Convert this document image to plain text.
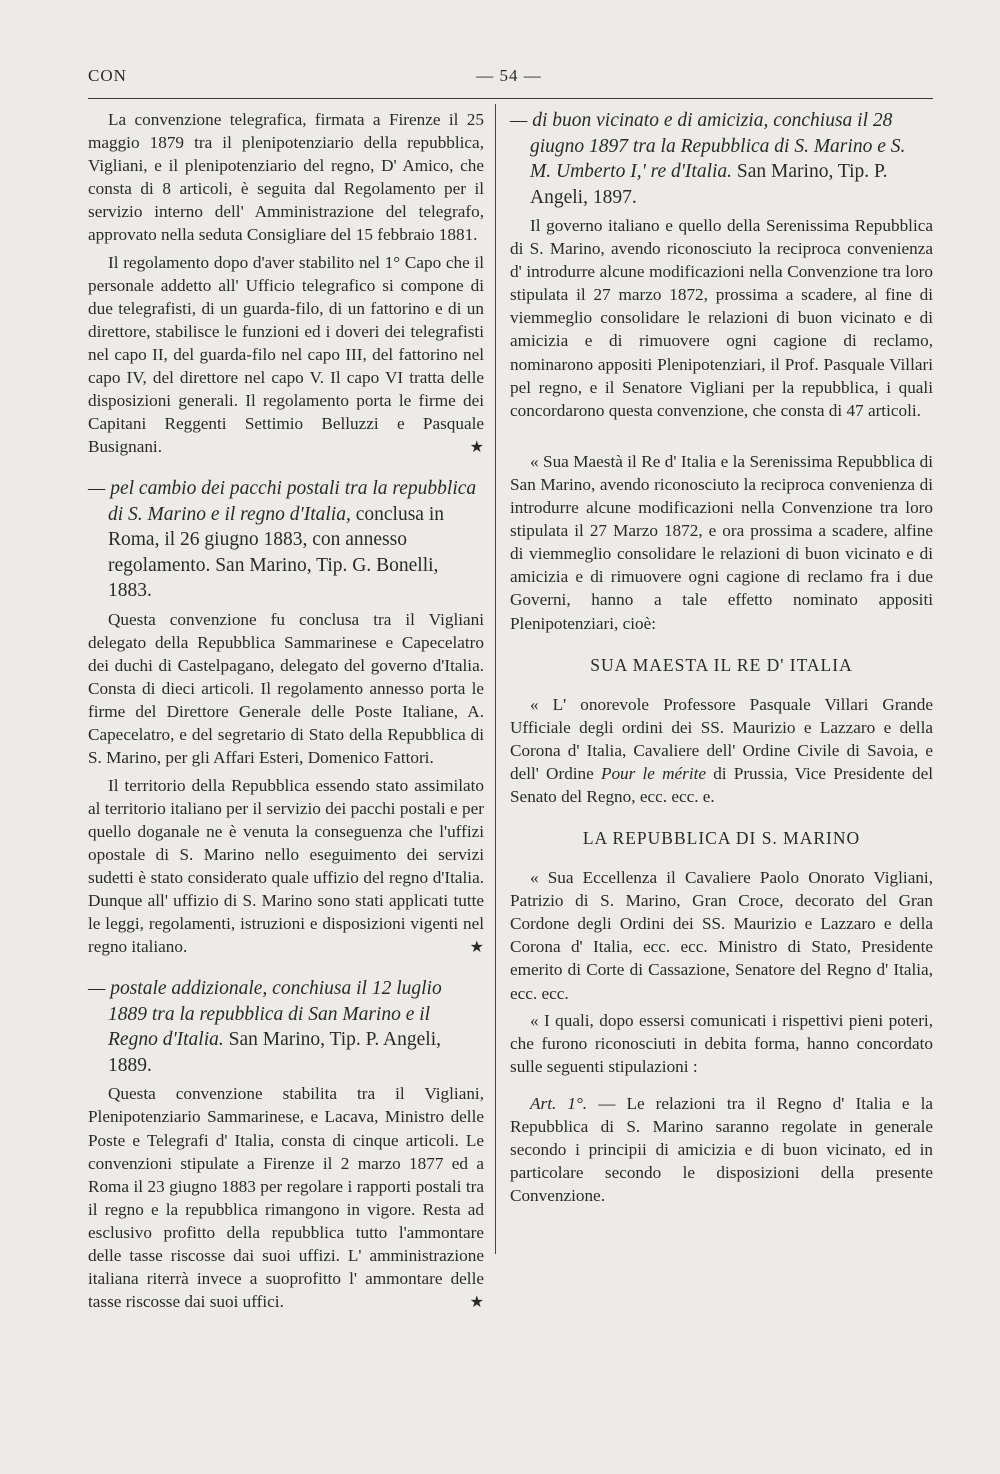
CON	— 54 —

La convenzione telegrafica, firmata a Firenze il 25 maggio 1879 tra il plenipotenziario della repubblica, Vigliani, e il plenipotenziario del regno, D' Amico, che consta di 8 articoli, è seguita dal Regolamento per il servizio interno dell' Amministrazione del telegrafo, approvato nella seduta Consigliare del 15 febbraio 1881.

Il regolamento dopo d'aver stabilito nel 1° Capo che il personale addetto all' Ufficio telegrafico si compone di due telegrafisti, di un guarda-filo, di un fattorino e di un direttore, stabilisce le funzioni ed i doveri dei telegrafisti nel capo II, del guarda-filo nel capo III, del fattorino nel capo IV, del direttore nel capo V. Il capo VI tratta delle disposizioni generali. Il regolamento porta le firme dei Capitani Reggenti Settimio Belluzzi e Pasquale Busignani.	★

— pel cambio dei pacchi postali tra la repubblica di S. Marino e il regno d'Italia, conclusa in Roma, il 26 giugno 1883, con annesso regolamento. San Marino, Tip. G. Bonelli, 1883.

Questa convenzione fu conclusa tra il Vigliani delegato della Repubblica Sammarinese e Capecelatro dei duchi di Castelpagano, delegato del governo d'Italia. Consta di dieci articoli. Il regolamento annesso porta le firme del Direttore Generale delle Poste Italiane, A. Capecelatro, e del segretario di Stato della Repubblica di S. Marino, per gli Affari Esteri, Domenico Fattori.

Il territorio della Repubblica essendo stato assimilato al territorio italiano per il servizio dei pacchi postali e per quello doganale ne è venuta la conseguenza che l'uffizi opostale di S. Marino nello eseguimento dei servizi sudetti è stato considerato quale uffizio del regno d'Italia. Dunque all' uffizio di S. Marino sono stati applicati tutte le leggi, regolamenti, istruzioni e disposizioni vigenti nel regno italiano.	★

— postale addizionale, conchiusa il 12 luglio 1889 tra la repubblica di San Marino e il Regno d'Italia. San Marino, Tip. P. Angeli, 1889.

Questa convenzione stabilita tra il Vigliani, Plenipotenziario Sammarinese, e Lacava, Ministro delle Poste e Telegrafi d' Italia, consta di cinque articoli. Le convenzioni stipulate a Firenze il 2 marzo 1877 ed a Roma il 23 giugno 1883 per regolare i rapporti postali tra il regno e la repubblica rimangono in vigore. Resta ad esclusivo profitto della repubblica tutto l'ammontare delle tasse riscosse dai suoi uffizi. L' amministrazione italiana riterrà invece a suoprofitto l' ammontare delle tasse riscosse dai suoi uffici.	★

— di buon vicinato e di amicizia, conchiusa il 28 giugno 1897 tra la Repubblica di S. Marino e S. M. Umberto I,' re d'Italia. San Marino, Tip. P. Angeli, 1897.

Il governo italiano e quello della Serenissima Repubblica di S. Marino, avendo riconosciuto la reciproca convenienza d' introdurre alcune modificazioni nella Convenzione tra loro stipulata il 27 marzo 1872, prossima a scadere, al fine di viemmeglio consolidare le relazioni di buon vicinato e di amicizia e di rimuovere ogni cagione di reclamo, nominarono appositi Plenipotenziari, il Prof. Pasquale Villari pel regno, e il Senatore Vigliani per la repubblica, i quali concordarono questa convenzione, che consta di 47 articoli.

« Sua Maestà il Re d' Italia e la Serenissima Repubblica di San Marino, avendo riconosciuto la reciproca convenienza di introdurre alcune modificazioni nella Convenzione tra loro stipulata il 27 Marzo 1872, e ora prossima a scadere, alfine di viemmeglio consolidare le relazioni di buon vicinato e di amicizia e di rimuovere ogni cagione di reclamo fra i due Governi, hanno a tale effetto nominato appositi Plenipotenziari, cioè:

SUA MAESTA IL RE D' ITALIA

« L' onorevole Professore Pasquale Villari Grande Ufficiale degli ordini dei SS. Maurizio e Lazzaro e della Corona d' Italia, Cavaliere dell' Ordine Civile di Savoia, e dell' Ordine Pour le mérite di Prussia, Vice Presidente del Senato del Regno, ecc. ecc. e.

LA REPUBBLICA DI S. MARINO

« Sua Eccellenza il Cavaliere Paolo Onorato Vigliani, Patrizio di S. Marino, Gran Croce, decorato del Gran Cordone degli Ordini dei SS. Maurizio e Lazzaro e della Corona d' Italia, ecc. ecc. Ministro di Stato, Presidente emerito di Corte di Cassazione, Senatore del Regno d' Italia, ecc. ecc.

« I quali, dopo essersi comunicati i rispettivi pieni poteri, che furono riconosciuti in debita forma, hanno concordato sulle seguenti stipulazioni :

Art. 1°. — Le relazioni tra il Regno d' Italia e la Repubblica di S. Marino saranno regolate in generale secondo i principii di amicizia e di buon vicinato, ed in particolare secondo le disposizioni della presente Convenzione.
